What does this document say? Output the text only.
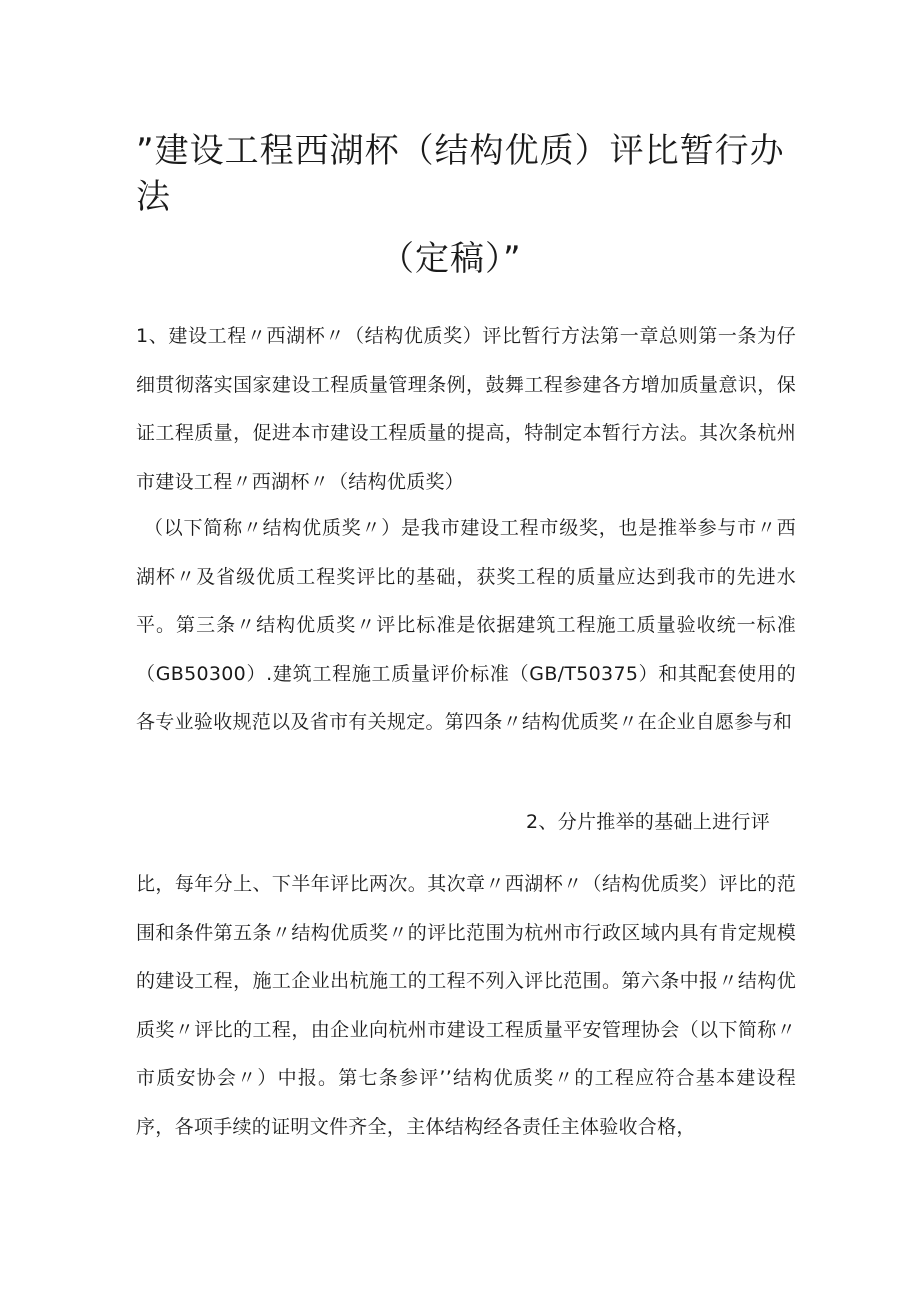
”建设工程西湖杯（结构优质）评比暂行办法
（定稿）”
1、建设工程〃西湖杯〃（结构优质奖）评比暂行方法第一章总则第一条为仔细贯彻落实国家建设工程质量管理条例，鼓舞工程参建各方增加质量意识，保证工程质量，促进本市建设工程质量的提高，特制定本暂行方法。其次条杭州市建设工程〃西湖杯〃（结构优质奖）
（以下简称〃结构优质奖〃）是我市建设工程市级奖，也是推举参与市〃西湖杯〃及省级优质工程奖评比的基础，获奖工程的质量应达到我市的先进水平。第三条〃结构优质奖〃评比标准是依据建筑工程施工质量验收统一标准（GB50300）.建筑工程施工质量评价标准（GB/T50375）和其配套使用的各专业验收规范以及省市有关规定。第四条〃结构优质奖〃在企业自愿参与和
2、分片推举的基础上进行评
比，每年分上、下半年评比两次。其次章〃西湖杯〃（结构优质奖）评比的范围和条件第五条〃结构优质奖〃的评比范围为杭州市行政区域内具有肯定规模的建设工程，施工企业出杭施工的工程不列入评比范围。第六条中报〃结构优质奖〃评比的工程，由企业向杭州市建设工程质量平安管理协会（以下简称〃市质安协会〃）中报。第七条参评’’结构优质奖〃的工程应符合基本建设程序，各项手续的证明文件齐全，主体结构经各责任主体验收合格，
